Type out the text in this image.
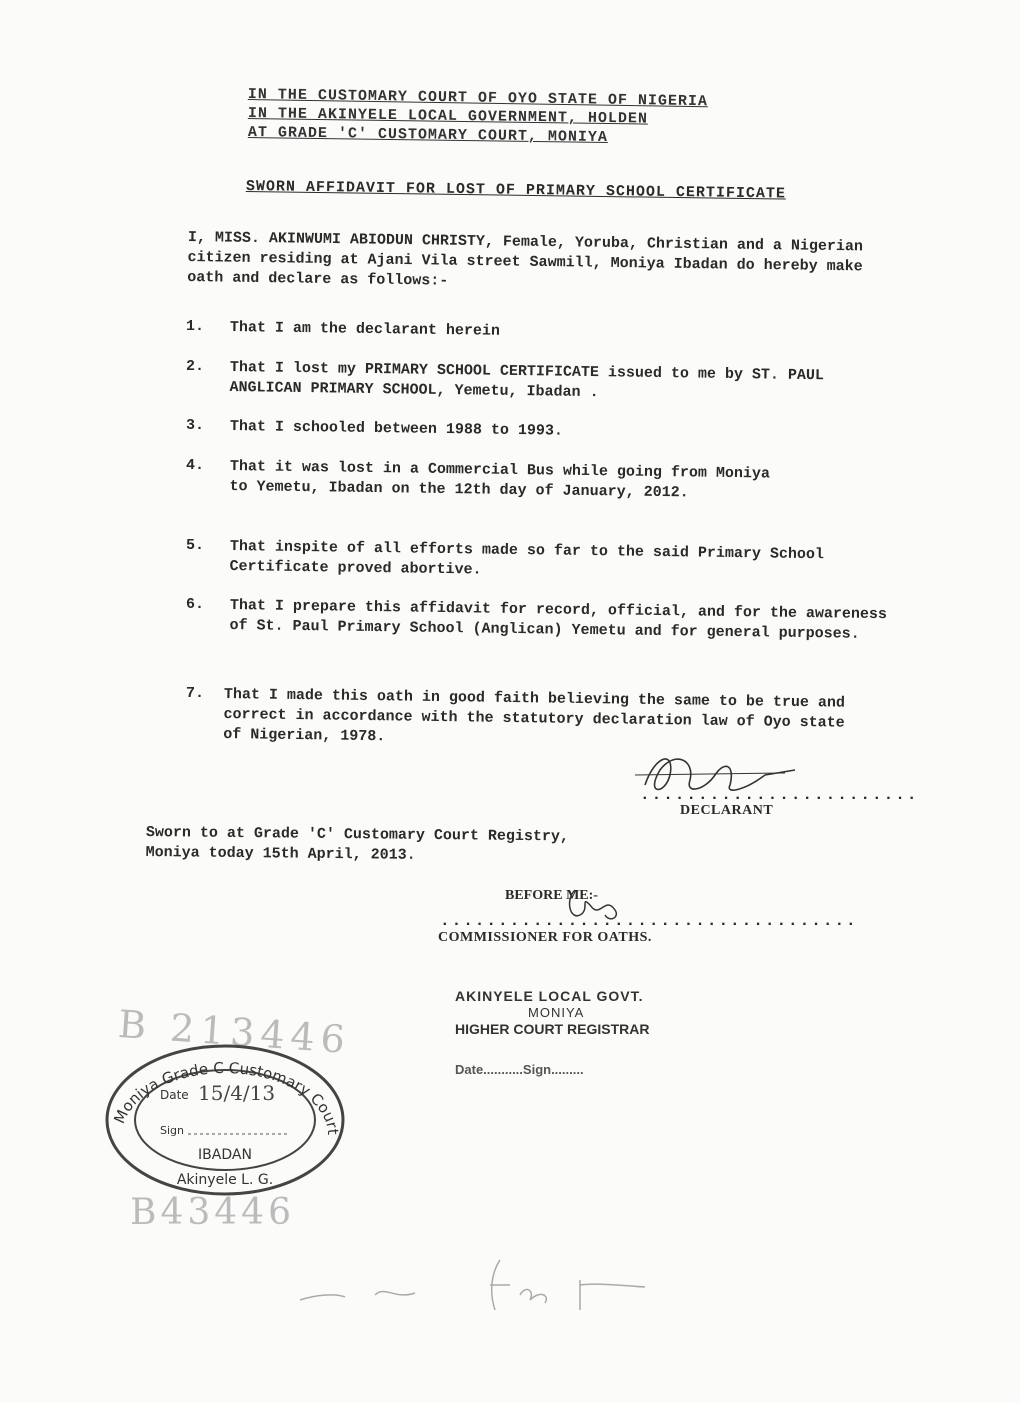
IN THE CUSTOMARY COURT OF OYO STATE OF NIGERIA
IN THE AKINYELE LOCAL GOVERNMENT, HOLDEN
AT GRADE 'C' CUSTOMARY COURT, MONIYA
SWORN AFFIDAVIT FOR LOST OF PRIMARY SCHOOL CERTIFICATE
I, MISS. AKINWUMI ABIODUN CHRISTY, Female, Yoruba, Christian and a Nigerian citizen residing at Ajani Vila street Sawmill, Moniya Ibadan do hereby make oath and declare as follows:-
1. That I am the declarant herein
2. That I lost my PRIMARY SCHOOL CERTIFICATE issued to me by ST. PAUL ANGLICAN PRIMARY SCHOOL, Yemetu, Ibadan .
3. That I schooled between 1988 to 1993.
4. That it was lost in a Commercial Bus while going from Moniya to Yemetu, Ibadan on the 12th day of January, 2012.
5. That inspite of all efforts made so far to the said Primary School Certificate proved abortive.
6. That I prepare this affidavit for record, official, and for the awareness of St. Paul Primary School (Anglican) Yemetu and for general purposes.
7. That I made this oath in good faith believing the same to be true and correct in accordance with the statutory declaration law of Oyo state of Nigerian, 1978.
........................
DECLARANT
Sworn to at Grade 'C' Customary Court Registry, Moniya today 15th April, 2013.
BEFORE ME:-
....................................
COMMISSIONER FOR OATHS.
AKINYELE LOCAL GOVT.
MONIYA
HIGHER COURT REGISTRAR
Date...........Sign.........
B 213446
B43446
Moniya Grade C Customary Court
Date 15/4/13
Sign
IBADAN
Akinyele L. G.
